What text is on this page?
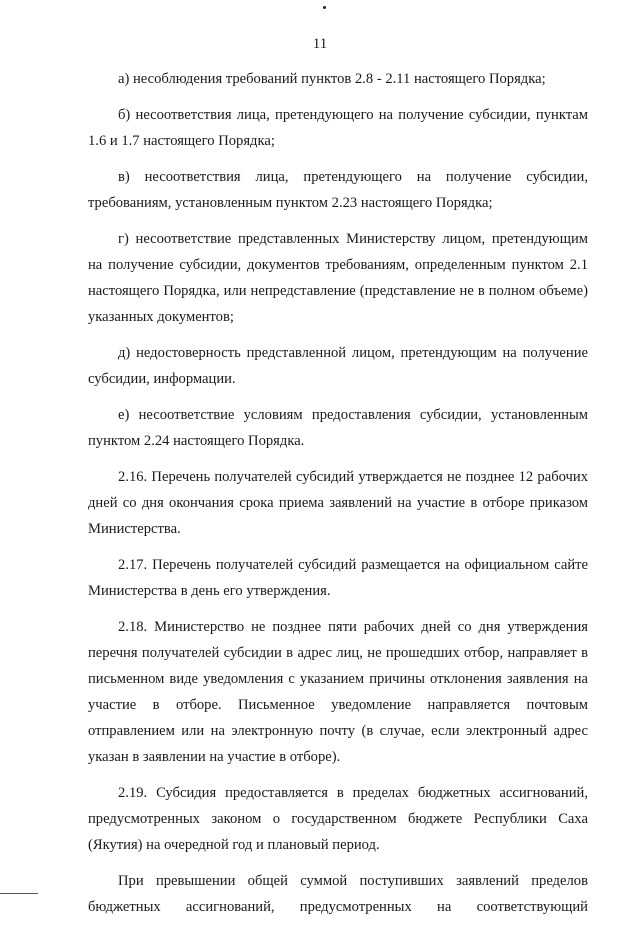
11

а) несоблюдения требований пунктов 2.8 - 2.11 настоящего Порядка;

б) несоответствия лица, претендующего на получение субсидии, пунктам 1.6 и 1.7 настоящего Порядка;

в) несоответствия лица, претендующего на получение субсидии, требованиям, установленным пунктом 2.23 настоящего Порядка;

г) несоответствие представленных Министерству лицом, претендующим на получение субсидии, документов требованиям, определенным пунктом 2.1 настоящего Порядка, или непредставление (представление не в полном объеме) указанных документов;

д) недостоверность представленной лицом, претендующим на получение субсидии, информации.

е) несоответствие условиям предоставления субсидии, установленным пунктом 2.24 настоящего Порядка.

2.16. Перечень получателей субсидий утверждается не позднее 12 рабочих дней со дня окончания срока приема заявлений на участие в отборе приказом Министерства.

2.17. Перечень получателей субсидий размещается на официальном сайте Министерства в день его утверждения.

2.18. Министерство не позднее пяти рабочих дней со дня утверждения перечня получателей субсидии в адрес лиц, не прошедших отбор, направляет в письменном виде уведомления с указанием причины отклонения заявления на участие в отборе. Письменное уведомление направляется почтовым отправлением или на электронную почту (в случае, если электронный адрес указан в заявлении на участие в отборе).

2.19. Субсидия предоставляется в пределах бюджетных ассигнований, предусмотренных законом о государственном бюджете Республики Саха (Якутия) на очередной год и плановый период.

При превышении общей суммой поступивших заявлений пределов бюджетных ассигнований, предусмотренных на соответствующий
